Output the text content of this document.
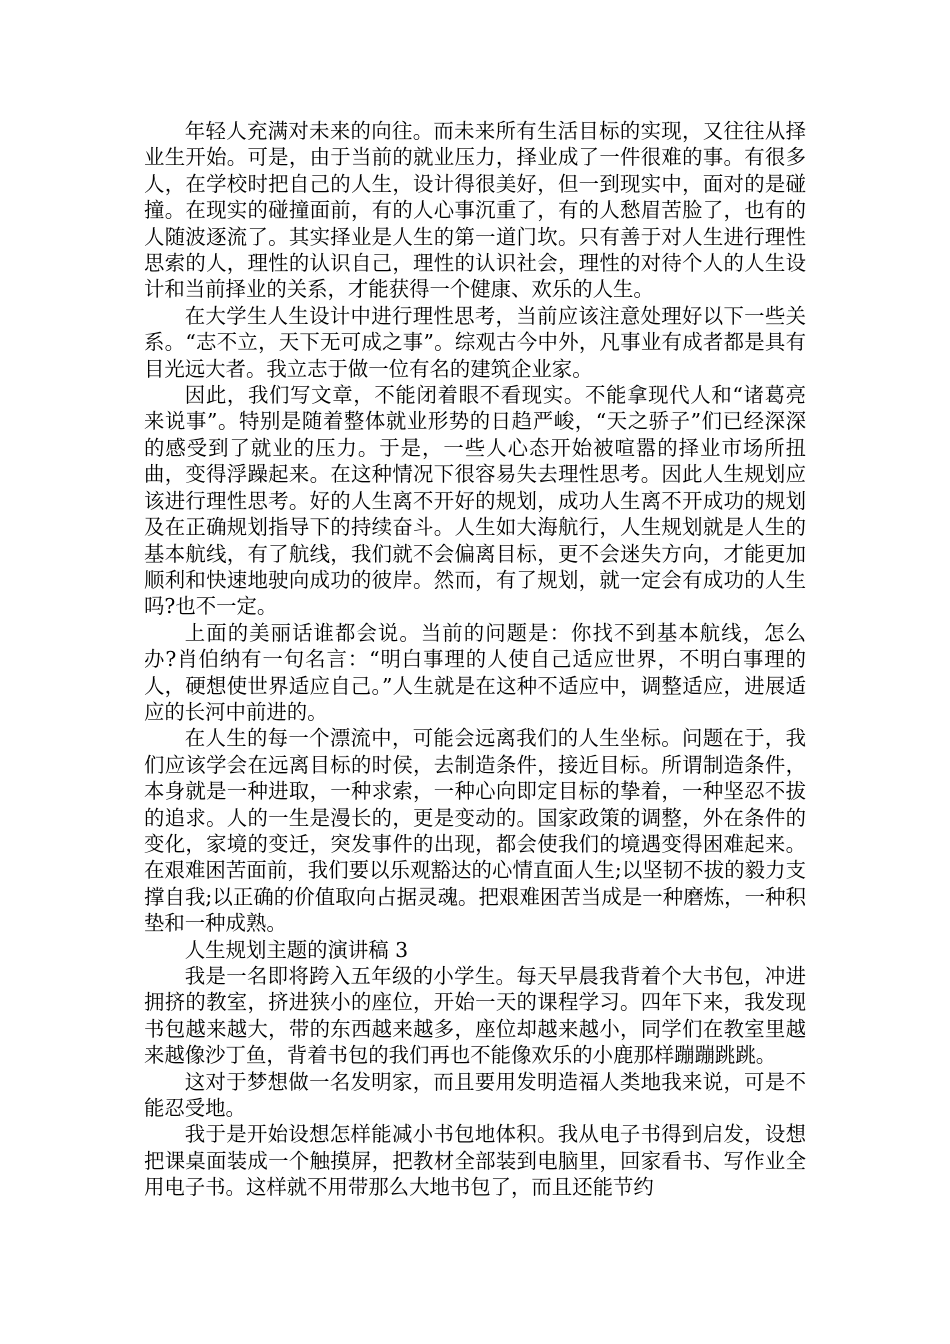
年轻人充满对未来的向往。而未来所有生活目标的实现，又往往从择业生开始。可是，由于当前的就业压力，择业成了一件很难的事。有很多人，在学校时把自己的人生，设计得很美好，但一到现实中，面对的是碰撞。在现实的碰撞面前，有的人心事沉重了，有的人愁眉苦脸了，也有的人随波逐流了。其实择业是人生的第一道门坎。只有善于对人生进行理性思索的人，理性的认识自己，理性的认识社会，理性的对待个人的人生设计和当前择业的关系，才能获得一个健康、欢乐的人生。

在大学生人生设计中进行理性思考，当前应该注意处理好以下一些关系。“志不立，天下无可成之事”。综观古今中外，凡事业有成者都是具有目光远大者。我立志于做一位有名的建筑企业家。

因此，我们写文章，不能闭着眼不看现实。不能拿现代人和“诸葛亮来说事”。特别是随着整体就业形势的日趋严峻，“天之骄子”们已经深深的感受到了就业的压力。于是，一些人心态开始被喧嚣的择业市场所扭曲，变得浮躁起来。在这种情况下很容易失去理性思考。因此人生规划应该进行理性思考。好的人生离不开好的规划，成功人生离不开成功的规划及在正确规划指导下的持续奋斗。人生如大海航行，人生规划就是人生的基本航线，有了航线，我们就不会偏离目标，更不会迷失方向，才能更加顺利和快速地驶向成功的彼岸。然而，有了规划，就一定会有成功的人生吗?也不一定。

上面的美丽话谁都会说。当前的问题是：你找不到基本航线，怎么办?肖伯纳有一句名言：“明白事理的人使自己适应世界，不明白事理的人，硬想使世界适应自己。”人生就是在这种不适应中，调整适应，进展适应的长河中前进的。

在人生的每一个漂流中，可能会远离我们的人生坐标。问题在于，我们应该学会在远离目标的时侯，去制造条件，接近目标。所谓制造条件，本身就是一种进取，一种求索，一种心向即定目标的挚着，一种坚忍不拔的追求。人的一生是漫长的，更是变动的。国家政策的调整，外在条件的变化，家境的变迁，突发事件的出现，都会使我们的境遇变得困难起来。在艰难困苦面前，我们要以乐观豁达的心情直面人生;以坚韧不拔的毅力支撑自我;以正确的价值取向占据灵魂。把艰难困苦当成是一种磨炼，一种积垫和一种成熟。

人生规划主题的演讲稿 3

我是一名即将跨入五年级的小学生。每天早晨我背着个大书包，冲进拥挤的教室，挤进狭小的座位，开始一天的课程学习。四年下来，我发现书包越来越大，带的东西越来越多，座位却越来越小，同学们在教室里越来越像沙丁鱼，背着书包的我们再也不能像欢乐的小鹿那样蹦蹦跳跳。

这对于梦想做一名发明家，而且要用发明造福人类地我来说，可是不能忍受地。

我于是开始设想怎样能减小书包地体积。我从电子书得到启发，设想把课桌面装成一个触摸屏，把教材全部装到电脑里，回家看书、写作业全用电子书。这样就不用带那么大地书包了，而且还能节约
